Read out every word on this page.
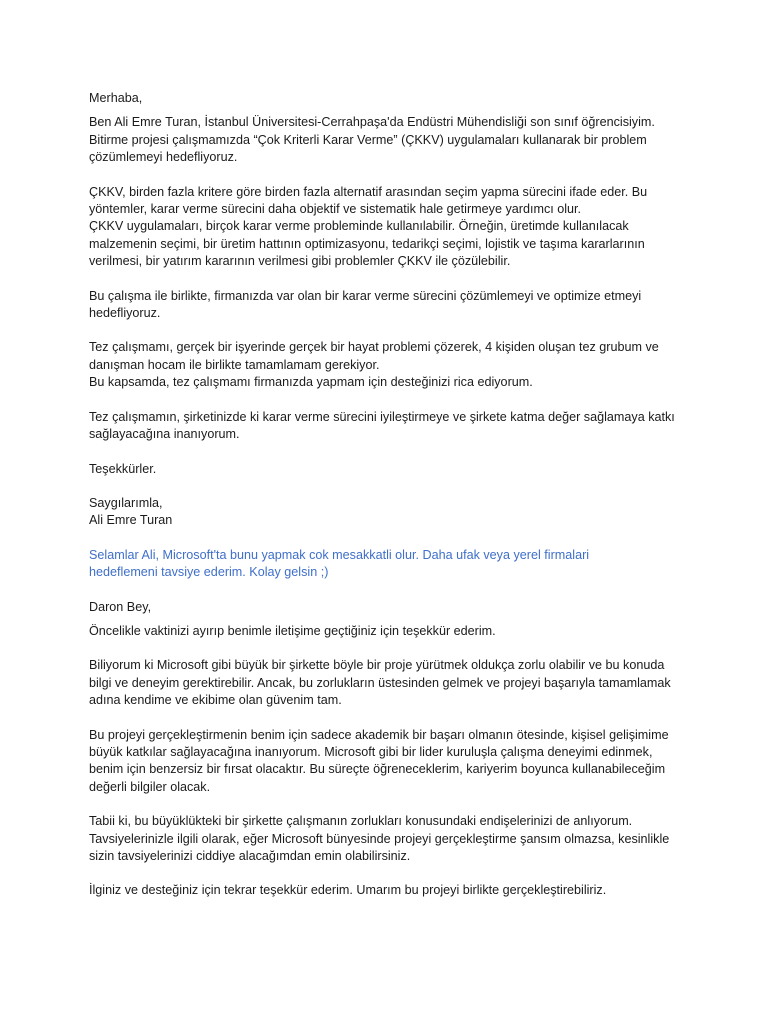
Merhaba,

Ben Ali Emre Turan, İstanbul Üniversitesi-Cerrahpaşa'da Endüstri Mühendisliği son sınıf öğrencisiyim.
Bitirme projesi çalışmamızda “Çok Kriterli Karar Verme” (ÇKKV) uygulamaları kullanarak bir problem
çözümlemeyi hedefliyoruz.

ÇKKV, birden fazla kritere göre birden fazla alternatif arasından seçim yapma sürecini ifade eder. Bu
yöntemler, karar verme sürecini daha objektif ve sistematik hale getirmeye yardımcı olur.
ÇKKV uygulamaları, birçok karar verme probleminde kullanılabilir. Örneğin, üretimde kullanılacak
malzemenin seçimi, bir üretim hattının optimizasyonu, tedarikçi seçimi, lojistik ve taşıma kararlarının
verilmesi, bir yatırım kararının verilmesi gibi problemler ÇKKV ile çözülebilir.

Bu çalışma ile birlikte, firmanızda var olan bir karar verme sürecini çözümlemeyi ve optimize etmeyi
hedefliyoruz.

Tez çalışmamı, gerçek bir işyerinde gerçek bir hayat problemi çözerek, 4 kişiden oluşan tez grubum ve
danışman hocam ile birlikte tamamlamam gerekiyor.
Bu kapsamda, tez çalışmamı firmanızda yapmam için desteğinizi rica ediyorum.

Tez çalışmamın, şirketinizde ki karar verme sürecini iyileştirmeye ve şirkete katma değer sağlamaya katkı
sağlayacağına inanıyorum.

Teşekkürler.

Saygılarımla,
Ali Emre Turan

Selamlar Ali, Microsoft'ta bunu yapmak cok mesakkatli olur. Daha ufak veya yerel firmalari
hedeflemeni tavsiye ederim. Kolay gelsin ;)

Daron Bey,

Öncelikle vaktinizi ayırıp benimle iletişime geçtiğiniz için teşekkür ederim.

Biliyorum ki Microsoft gibi büyük bir şirkette böyle bir proje yürütmek oldukça zorlu olabilir ve bu konuda
bilgi ve deneyim gerektirebilir. Ancak, bu zorlukların üstesinden gelmek ve projeyi başarıyla tamamlamak
adına kendime ve ekibime olan güvenim tam.

Bu projeyi gerçekleştirmenin benim için sadece akademik bir başarı olmanın ötesinde, kişisel gelişimime
büyük katkılar sağlayacağına inanıyorum. Microsoft gibi bir lider kuruluşla çalışma deneyimi edinmek,
benim için benzersiz bir fırsat olacaktır. Bu süreçte öğreneceklerim, kariyerim boyunca kullanabileceğim
değerli bilgiler olacak.

Tabii ki, bu büyüklükteki bir şirkette çalışmanın zorlukları konusundaki endişelerinizi de anlıyorum.
Tavsiyelerinizle ilgili olarak, eğer Microsoft bünyesinde projeyi gerçekleştirme şansım olmazsa, kesinlikle
sizin tavsiyelerinizi ciddiye alacağımdan emin olabilirsiniz.

İlginiz ve desteğiniz için tekrar teşekkür ederim. Umarım bu projeyi birlikte gerçekleştirebiliriz.
